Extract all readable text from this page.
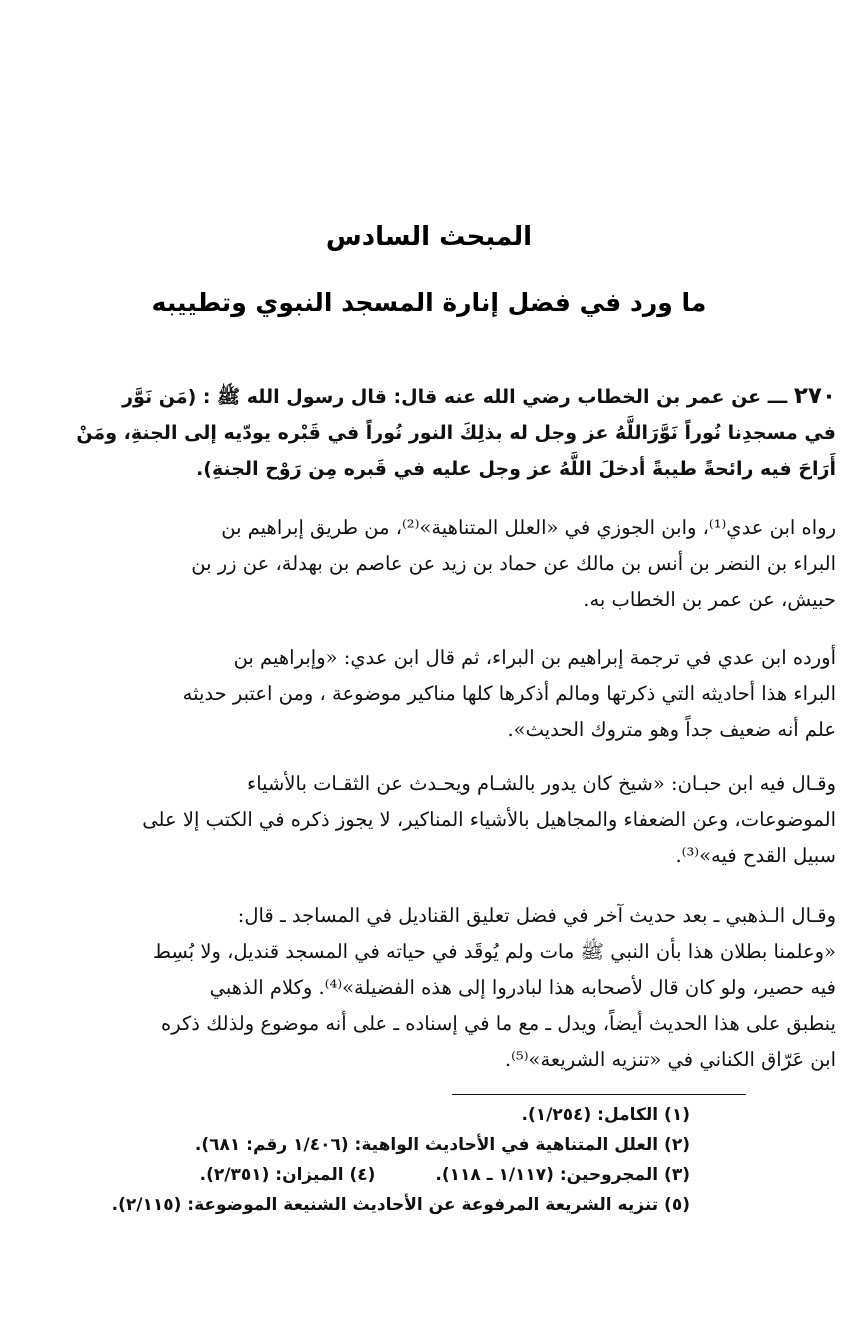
المبحث السادس
ما ورد في فضل إنارة المسجد النبوي وتطييبه
٢٧٠ ـــ عن عمر بن الخطاب رضي الله عنه قال: قال رسول الله ﷺ : (مَن نَوَّر
في مسجدِنا نُوراً نَوَّرَاللَّهُ عز وجل له بذلِكَ النور نُوراً في قَبْره يودّيه إلى الجنةِ، ومَنْ
أَرَاحَ فيه رائحةً طيبةً أدخلَ اللَّهُ عز وجل عليه في قَبره مِن رَوْح الجنةِ).
رواه ابن عدي⁽¹⁾، وابن الجوزي في «العلل المتناهية»⁽²⁾، من طريق إبراهيم بن
البراء بن النضر بن أنس بن مالك عن حماد بن زيد عن عاصم بن بهدلة، عن زر بن
حبيش، عن عمر بن الخطاب به.
أورده ابن عدي في ترجمة إبراهيم بن البراء، ثم قال ابن عدي: «وإبراهيم بن
البراء هذا أحاديثه التي ذكرتها ومالم أذكرها كلها مناكير موضوعة ، ومن اعتبر حديثه
علم أنه ضعيف جداً وهو متروك الحديث».
وقـال فيه ابن حبـان: «شيخ كان يدور بالشـام ويحـدث عن الثقـات بالأشياء
الموضوعات، وعن الضعفاء والمجاهيل بالأشياء المناكير، لا يجوز ذكره في الكتب إلا على
سبيل القدح فيه»⁽³⁾.
وقـال الـذهبي ـ بعد حديث آخر في فضل تعليق القناديل في المساجد ـ قال:
«وعلمنا بطلان هذا بأن النبي ﷺ مات ولم يُوقَد في حياته في المسجد قنديل، ولا بُسِط
فيه حصير، ولو كان قال لأصحابه هذا لبادروا إلى هذه الفضيلة»⁽⁴⁾. وكلام الذهبي
ينطبق على هذا الحديث أيضاً، ويدل ـ مع ما في إسناده ـ على أنه موضوع ولذلك ذكره
ابن عَرّاق الكناني في «تنزيه الشريعة»⁽⁵⁾.
(١) الكامل: (١/٢٥٤).
(٢) العلل المتناهية في الأحاديث الواهية: (١/٤٠٦ رقم: ٦٨١).
(٣) المجروحين: (١/١١٧ ـ ١١٨).
(٤) الميزان: (٢/٣٥١).
(٥) تنزيه الشريعة المرفوعة عن الأحاديث الشنيعة الموضوعة: (٢/١١٥).
